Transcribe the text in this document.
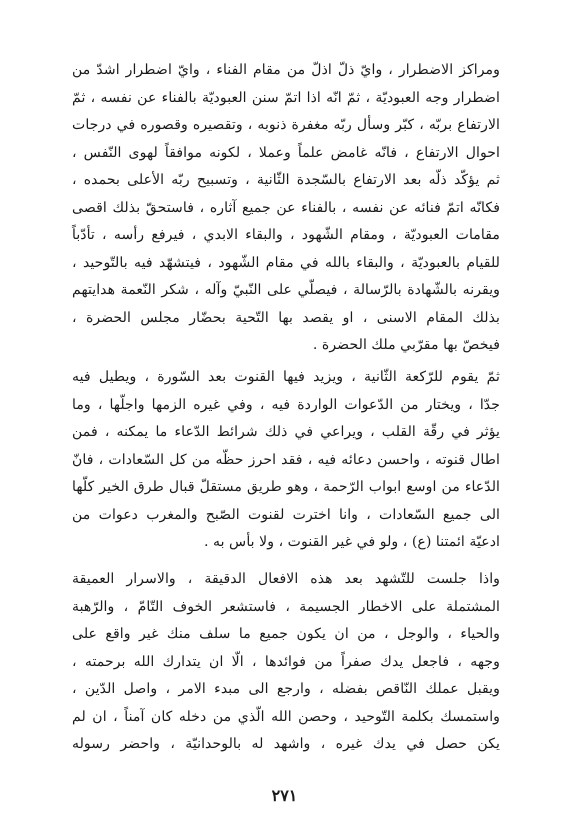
ومراكز الاضطرار ، وايّ ذلّ اذلّ من مقام الفناء ، وايّ اضطرار اشدّ من
اضطرار وجه العبوديّة ، ثمّ انّه اذا اتمّ سنن العبوديّة بالفناء عن نفسه ، ثمّ
الارتفاع بربّه ، كبّر وسأل ربّه مغفرة ذنوبه ، وتقصيره وقصوره في درجات
احوال الارتفاع ، فانّه غامض علماً وعملا ، لكونه موافقاً لهوى النّفس ،
ثم يؤكّد ذلّه بعد الارتفاع بالسّجدة الثّانية ، وتسبيح ربّه الأعلى بحمده ،
فكانّه اتمّ فنائه عن نفسه ، بالفناء عن جميع آثاره ، فاستحقّ بذلك اقصى
مقامات العبوديّة ، ومقام الشّهود ، والبقاء الابدي ، فيرفع رأسه ، تأدّباً
للقيام بالعبوديّة ، والبقاء بالله في مقام الشّهود ، فيتشهّد فيه بالتّوحيد ،
ويقرنه بالشّهادة بالرّسالة ، فيصلّي على النّبيّ وآله ، شكر النّعمة هدايتهم
بذلك المقام الاسنى ، او يقصد بها التّحية بحضّار مجلس الحضرة ،
فيخصّ بها مقرّبي ملك الحضرة .
ثمّ يقوم للرّكعة الثّانية ، ويزيد فيها القنوت بعد السّورة ، ويطيل فيه
جدّا ، ويختار من الدّعوات الواردة فيه ، وفي غيره الزمها واجلّها ، وما
يؤثر في رقّة القلب ، ويراعي في ذلك شرائط الدّعاء ما يمكنه ، فمن
اطال قنوته ، واحسن دعائه فيه ، فقد احرز حظّه من كل السّعادات ، فانّ
الدّعاء من اوسع ابواب الرّحمة ، وهو طريق مستقلّ قبال طرق الخير كلّها
الى جميع السّعادات ، وانا اخترت لقنوت الصّبح والمغرب دعوات من
ادعيّة ائمتنا (ع) ، ولو في غير القنوت ، ولا بأس به .
واذا جلست للتّشهد بعد هذه الافعال الدقيقة ، والاسرار العميقة
المشتملة على الاخطار الجسيمة ، فاستشعر الخوف التّامّ ، والرّهبة
والحياء ، والوجل ، من ان يكون جميع ما سلف منك غير واقع على
وجهه ، فاجعل يدك صفراً من فوائدها ، الّا ان يتدارك الله برحمته ،
ويقبل عملك النّاقص بفضله ، وارجع الى مبدء الامر ، واصل الدّين ،
واستمسك بكلمة التّوحيد ، وحصن الله الّذي من دخله كان آمناً ، ان لم
يكن حصل في يدك غيره ، واشهد له بالوحدانيّة ، واحضر رسوله
٢٧١
